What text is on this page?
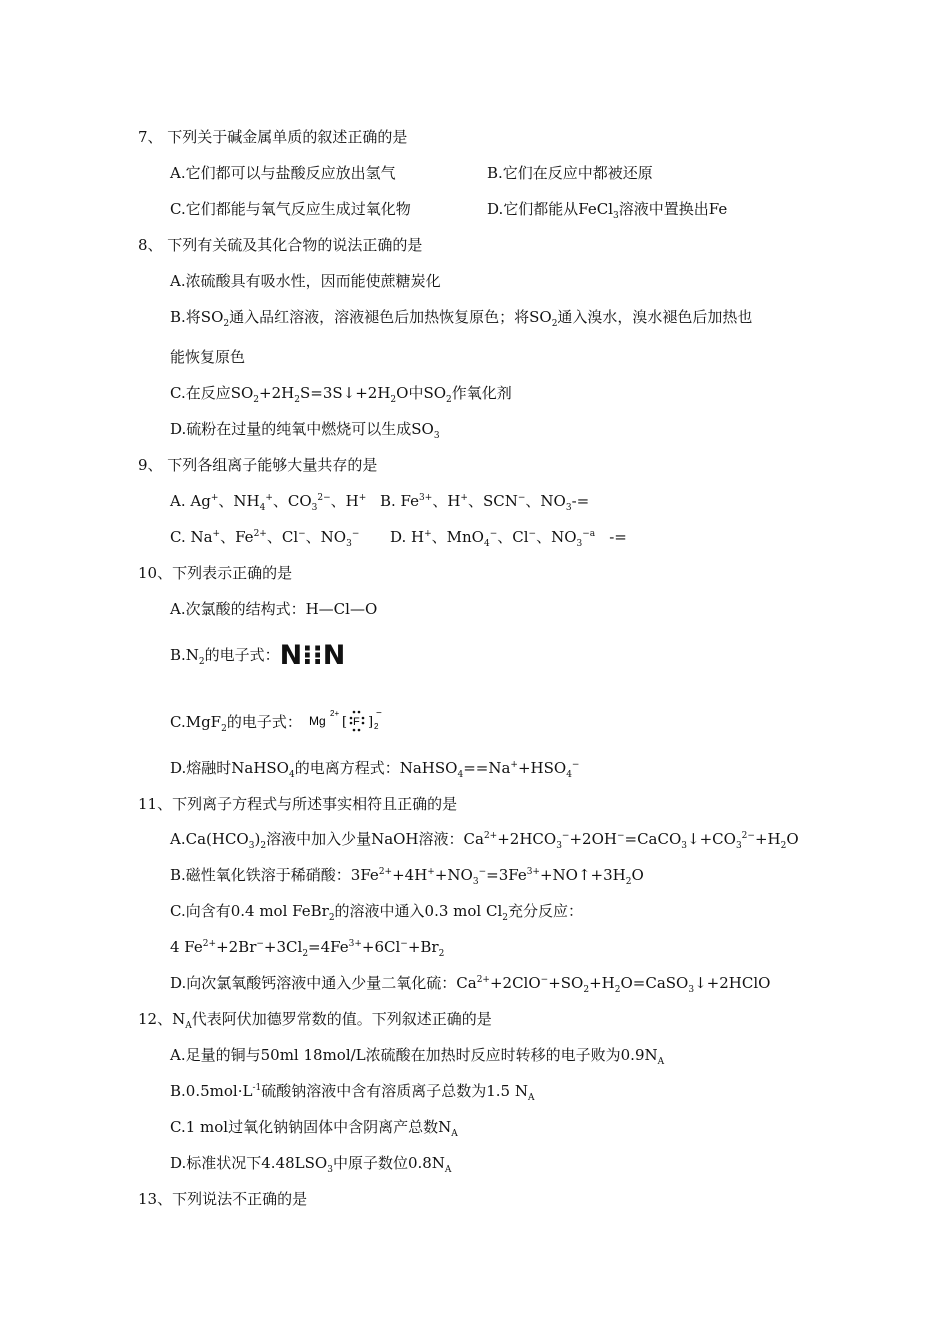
7、 下列关于碱金属单质的叙述正确的是
A.它们都可以与盐酸反应放出氢气	B.它们在反应中都被还原
C.它们都能与氧气反应生成过氧化物	D.它们都能从FeCl$_3$溶液中置换出Fe
8、 下列有关硫及其化合物的说法正确的是
A.浓硫酸具有吸水性，因而能使蔗糖炭化
B.将$SO_2$通入品红溶液，溶液褪色后加热恢复原色；将$SO_2$通入溴水，溴水褪色后加热也
能恢复原色
C.在反应$SO_2+2H_2S=3S↓+2H_2O$中$SO_2$作氧化剂
D.硫粉在过量的纯氧中燃烧可以生成$SO_3$
9、 下列各组离子能够大量共存的是
A. Ag+、$NH_4^+$、$CO_3^{2-}$、H+ B. $Fe^{3+}$、H+、SCN−、$NO_3-=$
C. Na+、$Fe^{2+}$、Cl−、$NO_3^-$ D. H+、MnO$_4$−、Cl−、$NO_3^{-a}$ -=
10、下列表示正确的是
A.次氯酸的结构式：H—Cl—O
$B.N_2$的电子式：N⁝⁝N
C.MgF$_2$的电子式： Mg
2+
[ F ] 2
−
D.熔融时NaHSO$_4$的电离方程式：$NaHSO_4==Na^++HSO_4^-$
11、下列离子方程式与所述事实相符且正确的是
$A.Ca(HCO_3)_2$溶液中加入少量NaOH溶液：$Ca^{2+}+2HCO_3^-+2OH^-=CaCO_3↓+CO_3^{2-}+H_2O$
B.磁性氧化铁溶于稀硝酸：$3Fe^{2+}+4H^++NO_3^-=3Fe^{3+}+NO↑+3H_2O$
C.向含有0.4 mol FeBr$_2$的溶液中通入0.3 mol $Cl_2$充分反应：
4 $Fe^{2+}+2Br^-+3Cl_2=4Fe^{3+}+6Cl^-+Br_2$
D.向次氯氧酸钙溶液中通入少量二氧化硫：$Ca^{2+}+2ClO^-+SO_2+H_2O=CaSO_3↓+2HClO$
12、$N_A$代表阿伏加德罗常数的值。下列叙述正确的是
A.足量的铜与50ml 18mol/L浓硫酸在加热时反应时转移的电子败为$0.9N_A$
$B.0.5mol\cdot L^{-1}$硫酸钠溶液中含有溶质离子总数为1.5 $N_A$
C.1 mol过氧化钠钠固体中含阴离产总数$N_A$
D.标准状况下$4.48LSO_3$中原子数位$0.8N_A$
13、下列说法不正确的是
